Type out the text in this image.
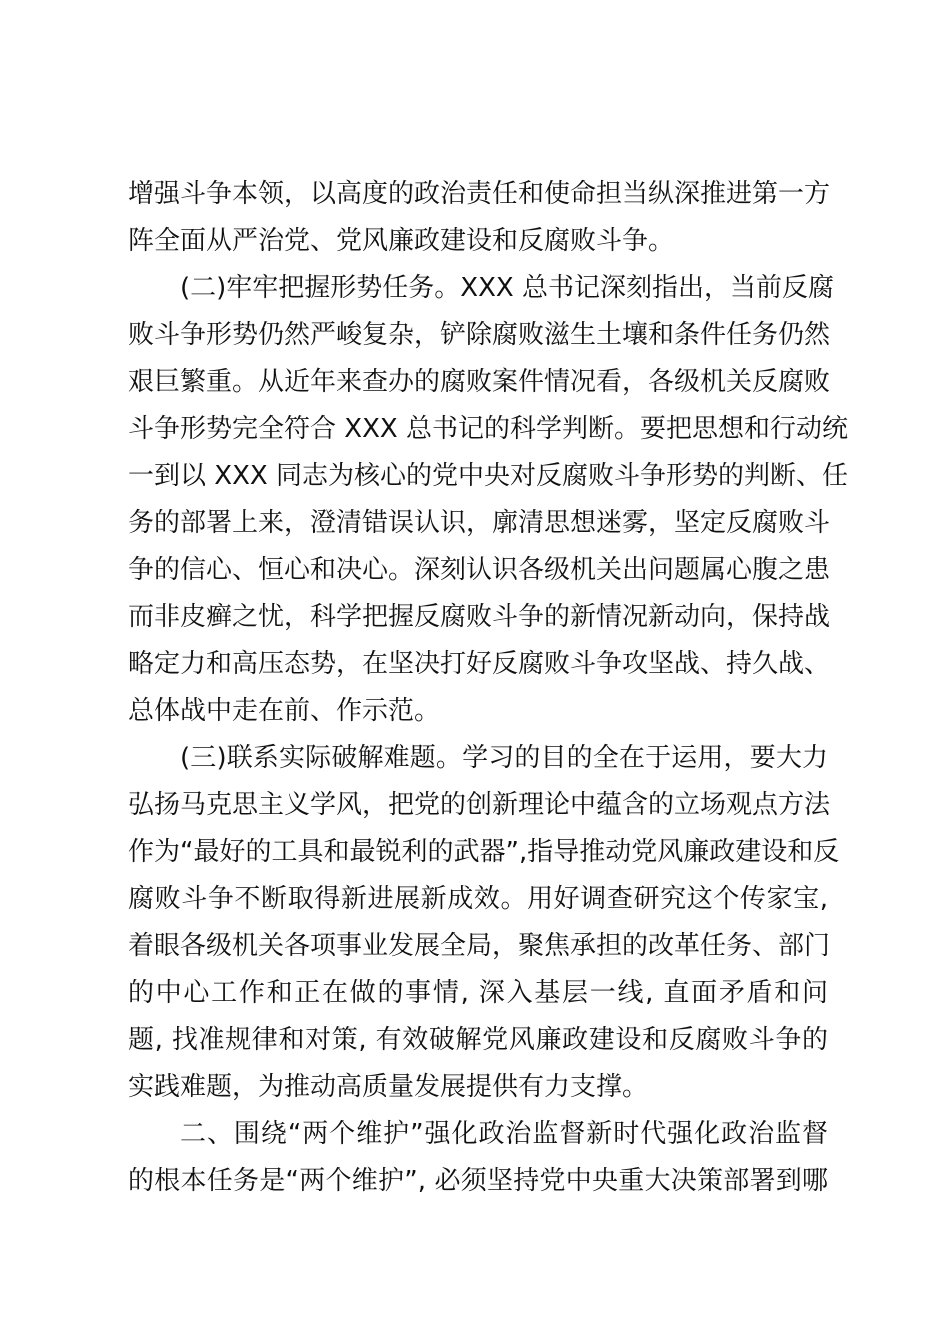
增强斗争本领，以高度的政治责任和使命担当纵深推进第一方
阵全面从严治党、党风廉政建设和反腐败斗争。
(二)牢牢把握形势任务。XXX 总书记深刻指出，当前反腐
败斗争形势仍然严峻复杂，铲除腐败滋生土壤和条件任务仍然
艰巨繁重。从近年来查办的腐败案件情况看，各级机关反腐败
斗争形势完全符合 XXX 总书记的科学判断。要把思想和行动统
一到以 XXX 同志为核心的党中央对反腐败斗争形势的判断、任
务的部署上来，澄清错误认识，廓清思想迷雾，坚定反腐败斗
争的信心、恒心和决心。深刻认识各级机关出问题属心腹之患
而非皮癣之忧，科学把握反腐败斗争的新情况新动向，保持战
略定力和高压态势，在坚决打好反腐败斗争攻坚战、持久战、
总体战中走在前、作示范。
(三)联系实际破解难题。学习的目的全在于运用，要大力
弘扬马克思主义学风，把党的创新理论中蕴含的立场观点方法
作为“最好的工具和最锐利的武器”,指导推动党风廉政建设和反
腐败斗争不断取得新进展新成效。用好调查研究这个传家宝,
着眼各级机关各项事业发展全局，聚焦承担的改革任务、部门
的中心工作和正在做的事情, 深入基层一线, 直面矛盾和问
题, 找准规律和对策, 有效破解党风廉政建设和反腐败斗争的
实践难题，为推动高质量发展提供有力支撑。
二、围绕“两个维护”强化政治监督新时代强化政治监督
的根本任务是“两个维护”, 必须坚持党中央重大决策部署到哪
